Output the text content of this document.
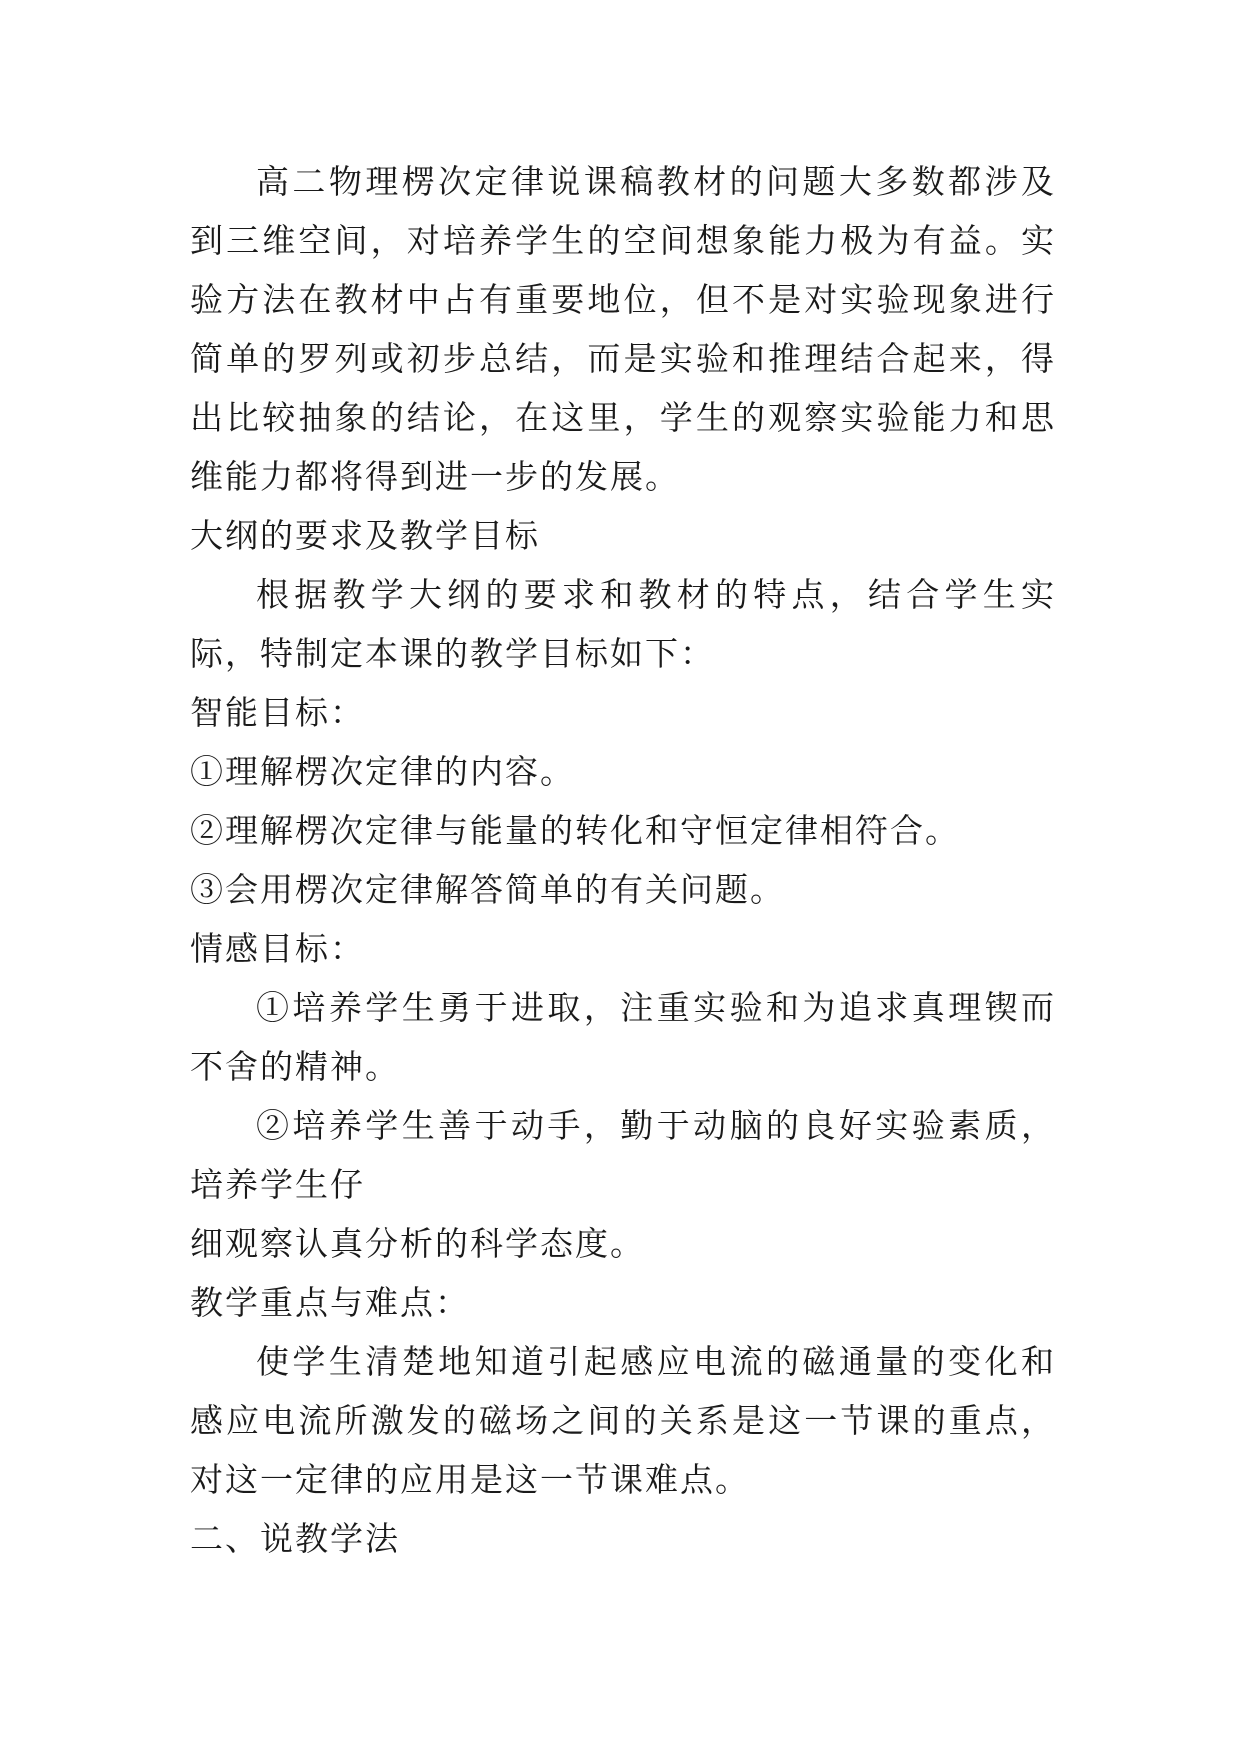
高二物理楞次定律说课稿教材的问题大多数都涉及到三维空间，对培养学生的空间想象能力极为有益。实验方法在教材中占有重要地位，但不是对实验现象进行简单的罗列或初步总结，而是实验和推理结合起来，得出比较抽象的结论，在这里，学生的观察实验能力和思维能力都将得到进一步的发展。

大纲的要求及教学目标

根据教学大纲的要求和教材的特点，结合学生实际，特制定本课的教学目标如下：

智能目标：

①理解楞次定律的内容。

②理解楞次定律与能量的转化和守恒定律相符合。

③会用楞次定律解答简单的有关问题。

情感目标：

①培养学生勇于进取，注重实验和为追求真理锲而不舍的精神。

②培养学生善于动手，勤于动脑的良好实验素质，培养学生仔

细观察认真分析的科学态度。

教学重点与难点：

使学生清楚地知道引起感应电流的磁通量的变化和感应电流所激发的磁场之间的关系是这一节课的重点，对这一定律的应用是这一节课难点。

二、说教学法
